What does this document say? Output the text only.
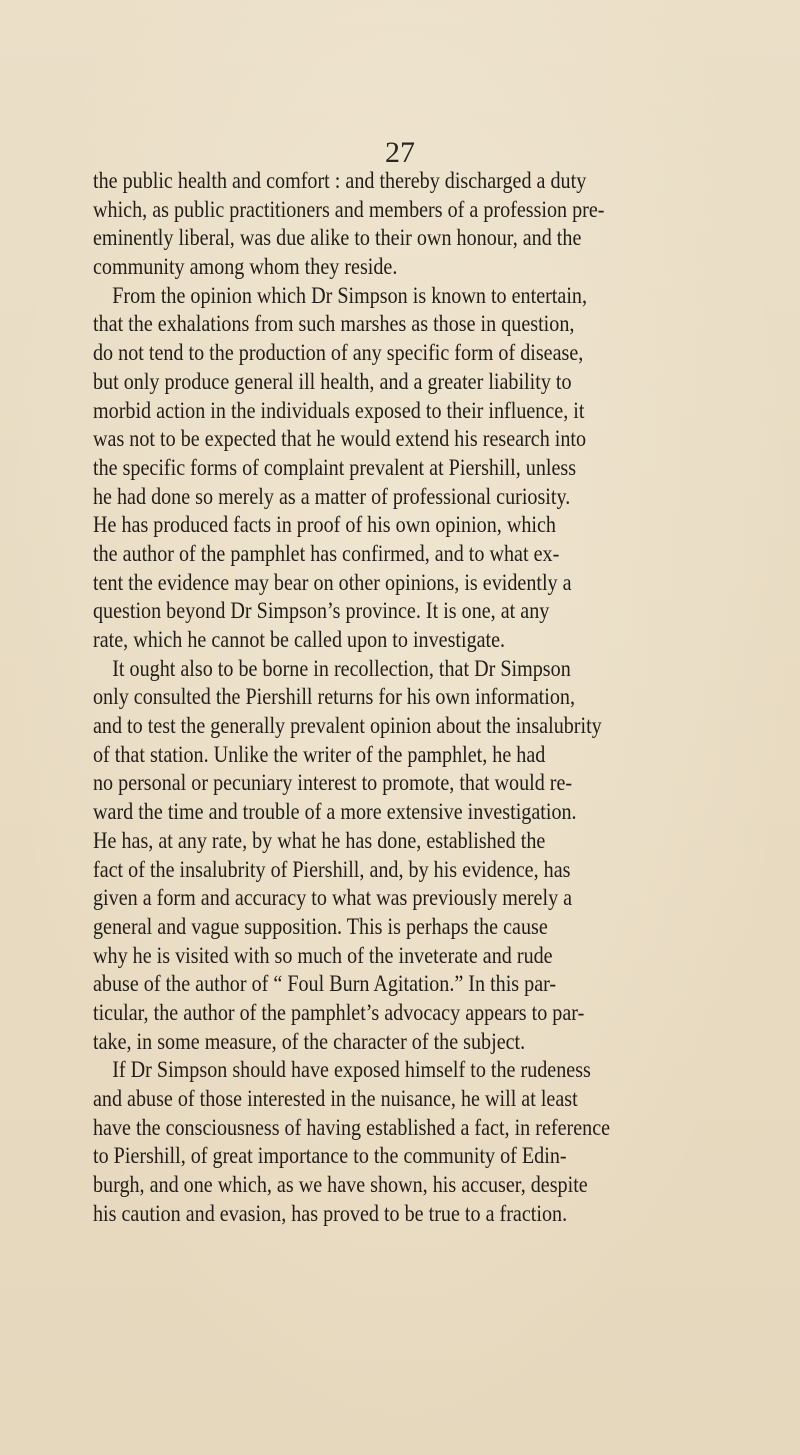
27
the public health and comfort : and thereby discharged a duty
which, as public practitioners and members of a profession pre-
eminently liberal, was due alike to their own honour, and the
community among whom they reside.
From the opinion which Dr Simpson is known to entertain,
that the exhalations from such marshes as those in question,
do not tend to the production of any specific form of disease,
but only produce general ill health, and a greater liability to
morbid action in the individuals exposed to their influence, it
was not to be expected that he would extend his research into
the specific forms of complaint prevalent at Piershill, unless
he had done so merely as a matter of professional curiosity.
He has produced facts in proof of his own opinion, which
the author of the pamphlet has confirmed, and to what ex-
tent the evidence may bear on other opinions, is evidently a
question beyond Dr Simpson’s province. It is one, at any
rate, which he cannot be called upon to investigate.
It ought also to be borne in recollection, that Dr Simpson
only consulted the Piershill returns for his own information,
and to test the generally prevalent opinion about the insalubrity
of that station. Unlike the writer of the pamphlet, he had
no personal or pecuniary interest to promote, that would re-
ward the time and trouble of a more extensive investigation.
He has, at any rate, by what he has done, established the
fact of the insalubrity of Piershill, and, by his evidence, has
given a form and accuracy to what was previously merely a
general and vague supposition. This is perhaps the cause
why he is visited with so much of the inveterate and rude
abuse of the author of “ Foul Burn Agitation.” In this par-
ticular, the author of the pamphlet’s advocacy appears to par-
take, in some measure, of the character of the subject.
If Dr Simpson should have exposed himself to the rudeness
and abuse of those interested in the nuisance, he will at least
have the consciousness of having established a fact, in reference
to Piershill, of great importance to the community of Edin-
burgh, and one which, as we have shown, his accuser, despite
his caution and evasion, has proved to be true to a fraction.
